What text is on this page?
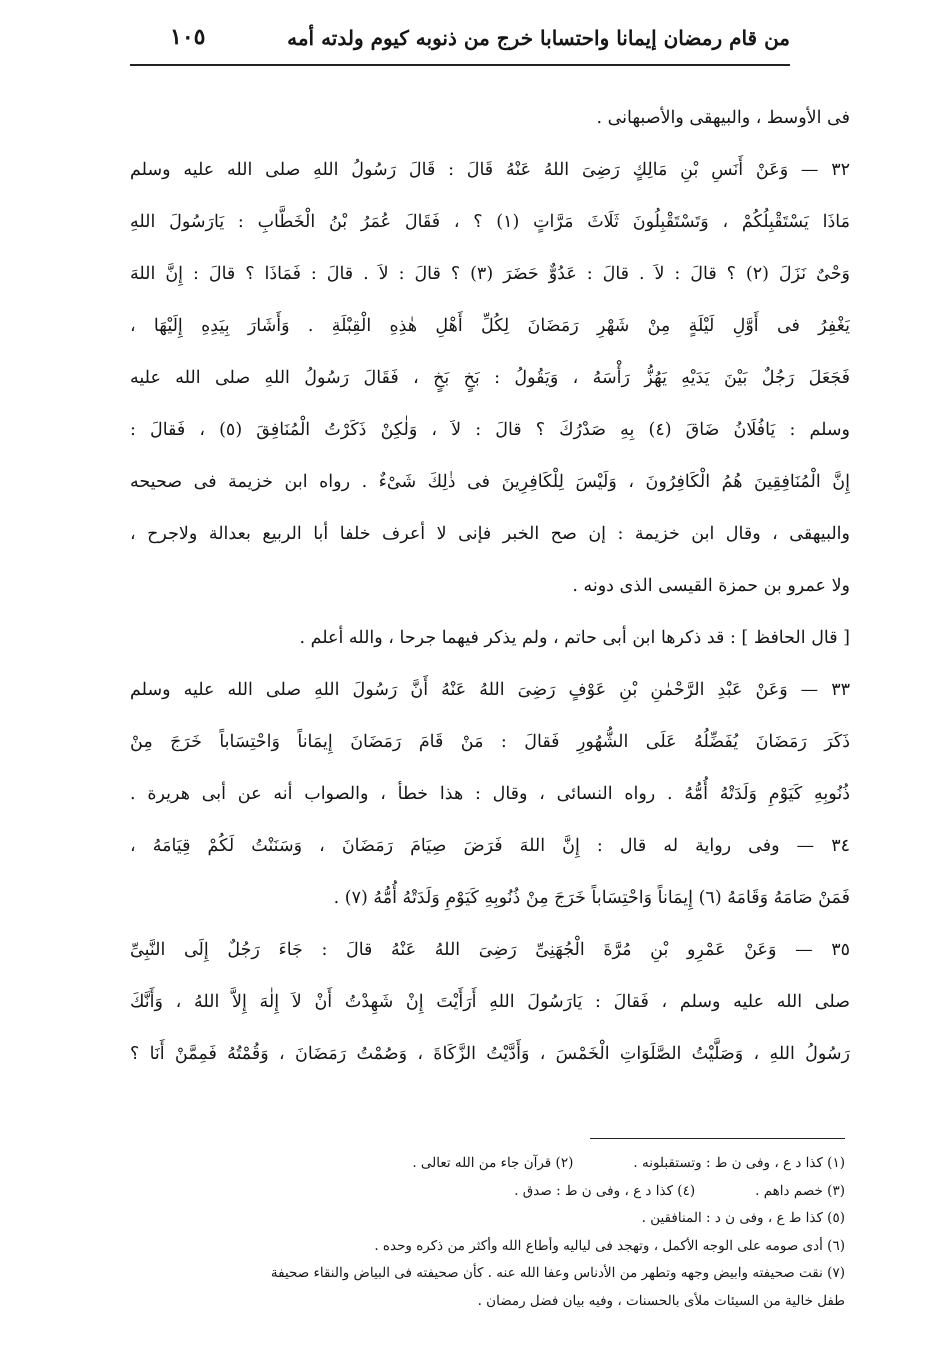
من قام رمضان إيمانا واحتسابا خرج من ذنوبه كيوم ولدته أمه
١٠٥
فى الأوسط ، والبيهقى والأصبهانى .
٣٢ — وَعَنْ أَنَسِ بْنِ مَالِكٍ رَضِىَ اللهُ عَنْهُ قَالَ : قَالَ رَسُولُ اللهِ صلى الله عليه وسلم
مَاذَا يَسْتَقْبِلُكُمْ ، وَتَسْتَقْبِلُونَ ثَلَاثَ مَرَّاتٍ (١) ؟ ، فَقَالَ عُمَرُ بْنُ الْخَطَّابِ : يَارَسُولَ اللهِ
وَحْىٌ نَزَلَ (٢) ؟ قالَ : لاَ . قالَ : عَدُوٌّ حَضَرَ (٣) ؟ قالَ : لاَ . قالَ : فَمَاذَا ؟ قالَ : إِنَّ اللهَ
يَغْفِرُ فى أَوَّلِ لَيْلَةٍ مِنْ شَهْرِ رَمَضَانَ لِكُلِّ أَهْلِ هٰذِهِ الْقِبْلَةِ . وَأَشَارَ بِيَدِهِ إِلَيْهَا ،
فَجَعَلَ رَجُلٌ بَيْنَ يَدَيْهِ يَهُزُّ رَأْسَهُ ، وَيَقُولُ : بَخٍ بَخٍ ، فَقَالَ رَسُولُ اللهِ صلى الله عليه
وسلم : يَافُلَانُ ضَاقَ (٤) بِهِ صَدْرُكَ ؟ قالَ : لاَ ، وَلٰكِنْ ذَكَرْتُ الْمُنَافِقَ (٥) ، فَقالَ :
إِنَّ الْمُنَافِقِينَ هُمُ الْكَافِرُونَ ، وَلَيْسَ لِلْكَافِرِينَ فى ذٰلِكَ شَىْءٌ . رواه ابن خزيمة فى صحيحه
والبيهقى ، وقال ابن خزيمة : إن صح الخبر فإنى لا أعرف خلفا أبا الربيع بعدالة ولاجرح ،
ولا عمرو بن حمزة القيسى الذى دونه .
[ قال الحافظ ] : قد ذكرها ابن أبى حاتم ، ولم يذكر فيهما جرحا ، والله أعلم .
٣٣ — وَعَنْ عَبْدِ الرَّحْمٰنِ بْنِ عَوْفٍ رَضِىَ اللهُ عَنْهُ أَنَّ رَسُولَ اللهِ صلى الله عليه وسلم
ذَكَرَ رَمَضَانَ يُفَضِّلُهُ عَلَى الشُّهُورِ فَقالَ : مَنْ قَامَ رَمَضَانَ إِيمَاناً وَاحْتِسَاباً خَرَجَ مِنْ
ذُنُوبِهِ كَيَوْمِ وَلَدَتْهُ أُمُّهُ . رواه النسائى ، وقال : هذا خطأ ، والصواب أنه عن أبى هريرة .
٣٤ — وفى رواية له قال : إِنَّ اللهَ فَرَضَ صِيَامَ رَمَضَانَ ، وَسَنَنْتُ لَكُمْ قِيَامَهُ ،
فَمَنْ صَامَهُ وَقَامَهُ (٦) إِيمَاناً وَاحْتِسَاباً خَرَجَ مِنْ ذُنُوبِهِ كَيَوْمِ وَلَدَتْهُ أُمُّهُ (٧) .
٣٥ — وَعَنْ عَمْرِو بْنِ مُرَّةَ الْجُهَنِىِّ رَضِىَ اللهُ عَنْهُ قالَ : جَاءَ رَجُلٌ إِلَى النَّبِىِّ
صلى الله عليه وسلم ، فَقالَ : يَارَسُولَ اللهِ أَرَأَيْتَ إِنْ شَهِدْتُ أَنْ لاَ إِلٰهَ إِلاَّ اللهُ ، وَأَنَّكَ
رَسُولُ اللهِ ، وَصَلَّيْتُ الصَّلَوَاتِ الْخَمْسَ ، وَأَدَّيْتُ الزَّكَاةَ ، وَصُمْتُ رَمَضَانَ ، وَقُمْتُهُ فَمِمَّنْ أَنَا ؟
(١) كذا د ع ، وفى ن ط : وتستقبلونه .(٢) قرآن جاء من الله تعالى .
(٣) خصم داهم .(٤) كذا د ع ، وفى ن ط : صدق .
(٥) كذا ط ع ، وفى ن د : المنافقين .
(٦) أدى صومه على الوجه الأكمل ، وتهجد فى لياليه وأطاع الله وأكثر من ذكره وحده .
(٧) نقت صحيفته وابيض وجهه وتطهر من الأدناس وعفا الله عنه . كأن صحيفته فى البياض والنقاء صحيفة
طفل خالية من السيئات ملأى بالحسنات ، وفيه بيان فضل رمضان .
